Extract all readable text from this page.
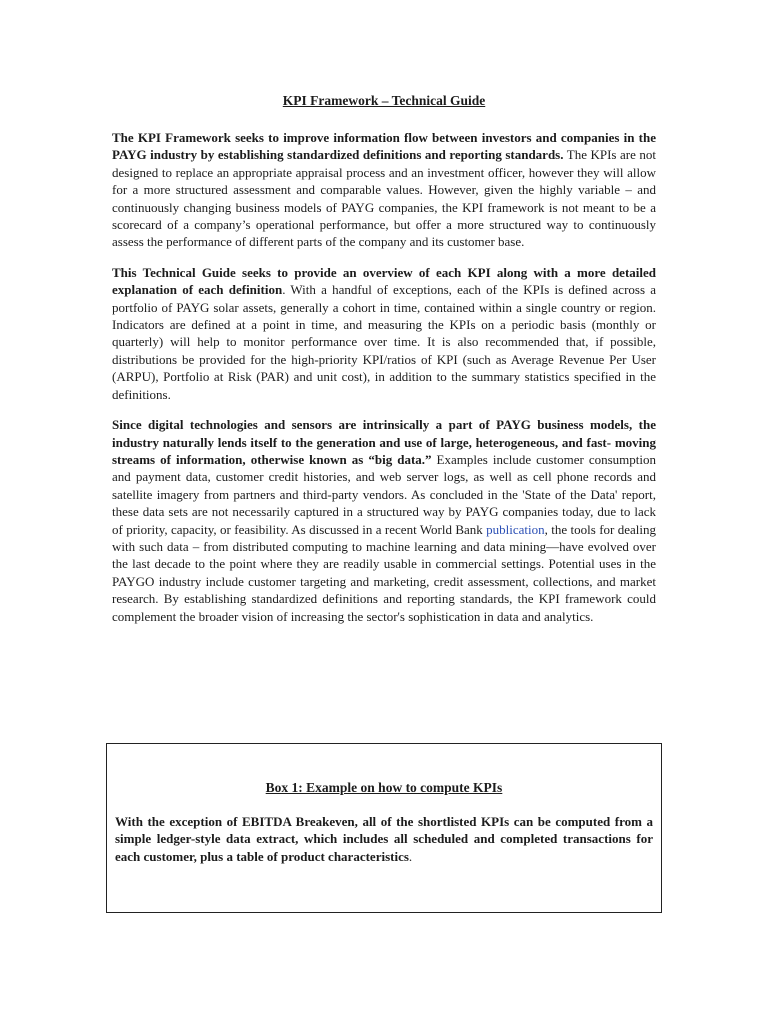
KPI Framework – Technical Guide

The KPI Framework seeks to improve information flow between investors and companies in the PAYG industry by establishing standardized definitions and reporting standards. The KPIs are not designed to replace an appropriate appraisal process and an investment officer, however they will allow for a more structured assessment and comparable values. However, given the highly variable – and continuously changing business models of PAYG companies, the KPI framework is not meant to be a scorecard of a company’s operational performance, but offer a more structured way to continuously assess the performance of different parts of the company and its customer base.

This Technical Guide seeks to provide an overview of each KPI along with a more detailed explanation of each definition. With a handful of exceptions, each of the KPIs is defined across a portfolio of PAYG solar assets, generally a cohort in time, contained within a single country or region. Indicators are defined at a point in time, and measuring the KPIs on a periodic basis (monthly or quarterly) will help to monitor performance over time. It is also recommended that, if possible, distributions be provided for the high-priority KPI/ratios of KPI (such as Average Revenue Per User (ARPU), Portfolio at Risk (PAR) and unit cost), in addition to the summary statistics specified in the definitions.

Since digital technologies and sensors are intrinsically a part of PAYG business models, the industry naturally lends itself to the generation and use of large, heterogeneous, and fast- moving streams of information, otherwise known as “big data.” Examples include customer consumption and payment data, customer credit histories, and web server logs, as well as cell phone records and satellite imagery from partners and third-party vendors. As concluded in the 'State of the Data' report, these data sets are not necessarily captured in a structured way by PAYG companies today, due to lack of priority, capacity, or feasibility. As discussed in a recent World Bank publication, the tools for dealing with such data – from distributed computing to machine learning and data mining—have evolved over the last decade to the point where they are readily usable in commercial settings. Potential uses in the PAYGO industry include customer targeting and marketing, credit assessment, collections, and market research. By establishing standardized definitions and reporting standards, the KPI framework could complement the broader vision of increasing the sector's sophistication in data and analytics.

Box 1: Example on how to compute KPIs

With the exception of EBITDA Breakeven, all of the shortlisted KPIs can be computed from a simple ledger-style data extract, which includes all scheduled and completed transactions for each customer, plus a table of product characteristics.
